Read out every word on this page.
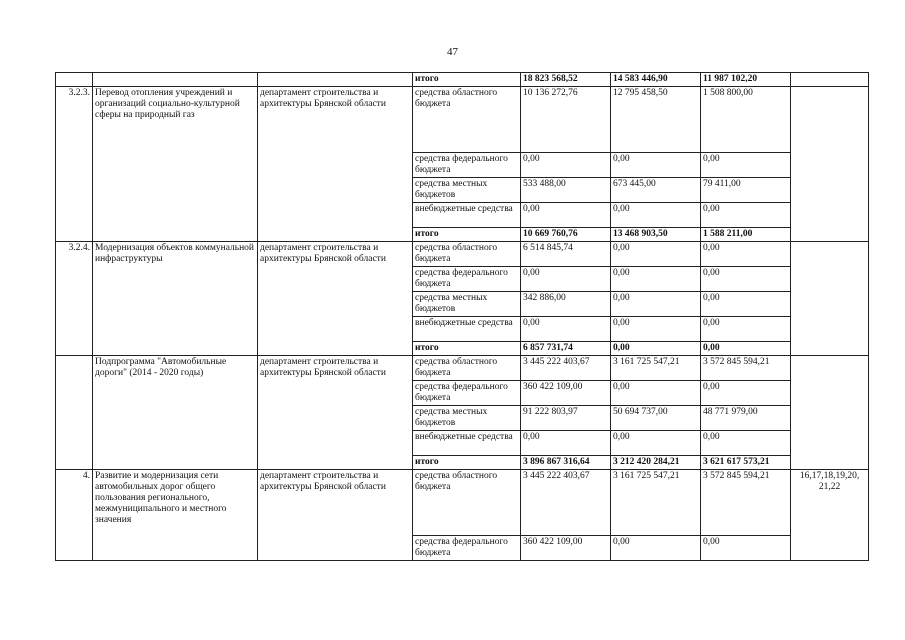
47
			итого	18 823 568,52	14 583 446,90	11 987 102,20	
3.2.3.	Перевод отопления учреждений и организаций социально-культурной сферы на природный газ	департамент строительства и архитектуры Брянской области	средства областного бюджета	10 136 272,76	12 795 458,50	1 508 800,00	
			средства федерального бюджета	0,00	0,00	0,00	
			средства местных бюджетов	533 488,00	673 445,00	79 411,00	
			внебюджетные средства	0,00	0,00	0,00	
			итого	10 669 760,76	13 468 903,50	1 588 211,00	
3.2.4.	Модернизация объектов коммунальной инфраструктуры	департамент строительства и архитектуры Брянской области	средства областного бюджета	6 514 845,74	0,00	0,00	
			средства федерального бюджета	0,00	0,00	0,00	
			средства местных бюджетов	342 886,00	0,00	0,00	
			внебюджетные средства	0,00	0,00	0,00	
			итого	6 857 731,74	0,00	0,00	
	Подпрограмма "Автомобильные дороги" (2014 - 2020 годы)	департамент строительства и архитектуры Брянской области	средства областного бюджета	3 445 222 403,67	3 161 725 547,21	3 572 845 594,21	
			средства федерального бюджета	360 422 109,00	0,00	0,00	
			средства местных бюджетов	91 222 803,97	50 694 737,00	48 771 979,00	
			внебюджетные средства	0,00	0,00	0,00	
			итого	3 896 867 316,64	3 212 420 284,21	3 621 617 573,21	
4.	Развитие и модернизация сети автомобильных дорог общего пользования регионального, межмуниципального и местного значения	департамент строительства и архитектуры Брянской области	средства областного бюджета	3 445 222 403,67	3 161 725 547,21	3 572 845 594,21	16,17,18,19,20, 21,22
			средства федерального бюджета	360 422 109,00	0,00	0,00	
